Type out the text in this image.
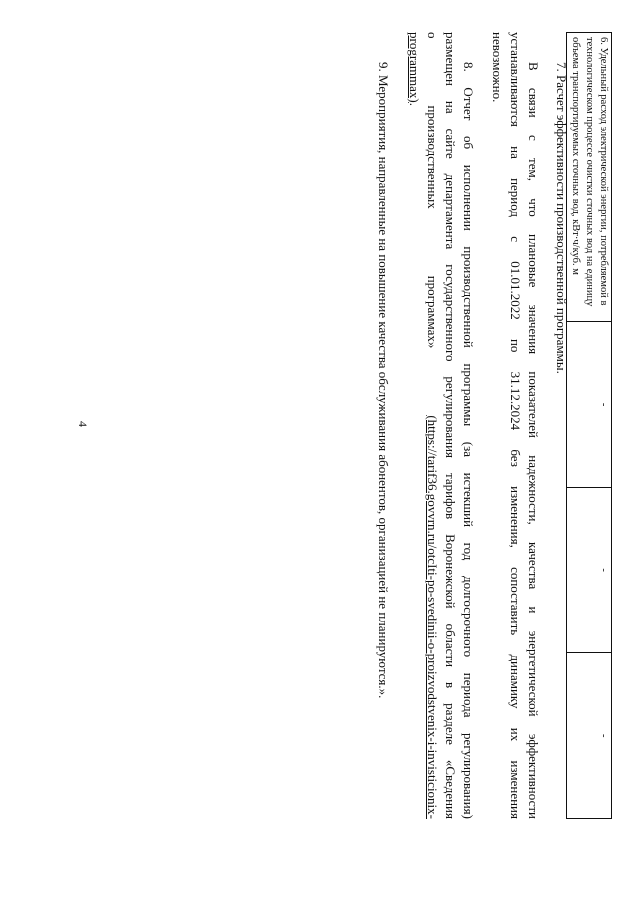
4
6. Удельный расход электрической энергии, потребляемой в технологическом процессе очистки сточных вод на единицу объема транспортируемых сточных вод, кВт·ч/куб. м	-	-	-
7. Расчет эффективности производственной программы.
В связи с тем, что плановые значения показателей надежности, качества и энергетической эффективности
устанавливаются на период с 01.01.2022 по 31.12.2024 без изменения, сопоставить динамику их изменения
невозможно.
8. Отчет об исполнении производственной программы (за истекший год долгосрочного периода регулирования)
размещен на сайте департамента государственного регулирования тарифов Воронежской области в разделе «Сведения
о
производственных
программах»
(https://tarif36.govvrn.ru/otcIti-po-svedinii-o-proizvodstvenix-i-invisticionix-
programmax).
9. Мероприятия, направленные на повышение качества обслуживания абонентов, организацией не планируются.».
